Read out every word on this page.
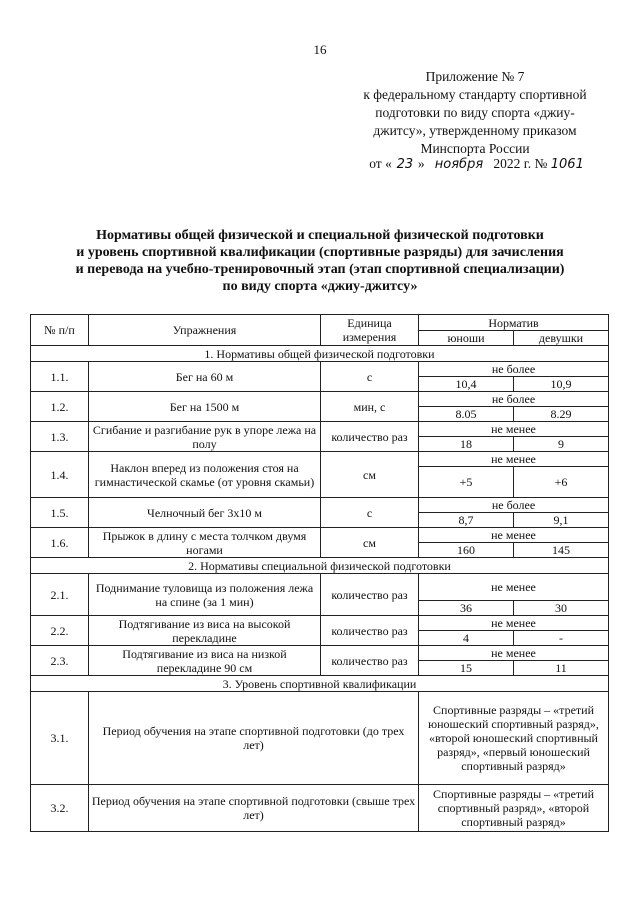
16
Приложение № 7
к федеральному стандарту спортивной
подготовки по виду спорта «джиу-
джитсу», утвержденному приказом
Минспорта России
от « 23 » ноября 2022 г. № 1061
Нормативы общей физической и специальной физической подготовки
и уровень спортивной квалификации (спортивные разряды) для зачисления
и перевода на учебно-тренировочный этап (этап спортивной специализации)
по виду спорта «джиу-джитсу»
№ п/п	Упражнения	Единица измерения	Норматив	
			юноши	девушки
1. Нормативы общей физической подготовки				
1.1.	Бег на 60 м	с	не более	
			10,4	10,9
1.2.	Бег на 1500 м	мин, с	не более	
			8.05	8.29
1.3.	Сгибание и разгибание рук в упоре лежа на полу	количество раз	не менее	
			18	9
1.4.	Наклон вперед из положения стоя на гимнастической скамье (от уровня скамьи)	см	не менее	
			+5	+6
1.5.	Челночный бег 3х10 м	с	не более	
			8,7	9,1
1.6.	Прыжок в длину с места толчком двумя ногами	см	не менее	
			160	145
2. Нормативы специальной физической подготовки				
2.1.	Поднимание туловища из положения лежа на спине (за 1 мин)	количество раз	не менее	
			36	30
2.2.	Подтягивание из виса на высокой перекладине	количество раз	не менее	
			4	-
2.3.	Подтягивание из виса на низкой перекладине 90 см	количество раз	не менее	
			15	11
3. Уровень спортивной квалификации				
3.1.	Период обучения на этапе спортивной подготовки (до трех лет)		Спортивные разряды – «третий юношеский спортивный разряд», «второй юношеский спортивный разряд», «первый юношеский спортивный разряд»	
3.2.	Период обучения на этапе спортивной подготовки (свыше трех лет)		Спортивные разряды – «третий спортивный разряд», «второй спортивный разряд»	
